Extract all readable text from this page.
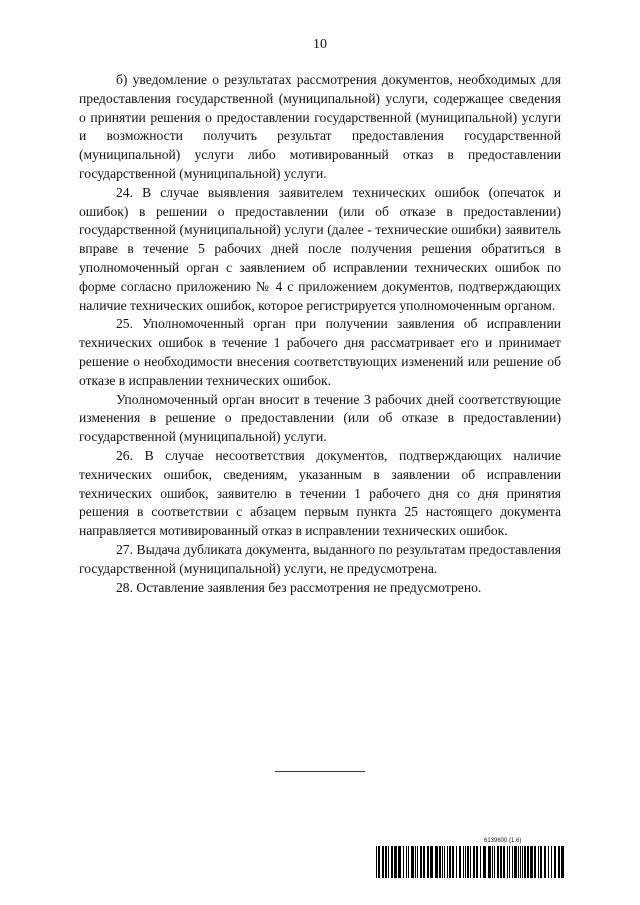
10

б) уведомление о результатах рассмотрения документов, необходимых для предоставления государственной (муниципальной) услуги, содержащее сведения о принятии решения о предоставлении государственной (муниципальной) услуги и возможности получить результат предоставления государственной (муниципальной) услуги либо мотивированный отказ в предоставлении государственной (муниципальной) услуги.

24. В случае выявления заявителем технических ошибок (опечаток и ошибок) в решении о предоставлении (или об отказе в предоставлении) государственной (муниципальной) услуги (далее - технические ошибки) заявитель вправе в течение 5 рабочих дней после получения решения обратиться в уполномоченный орган с заявлением об исправлении технических ошибок по форме согласно приложению № 4 с приложением документов, подтверждающих наличие технических ошибок, которое регистрируется уполномоченным органом.

25. Уполномоченный орган при получении заявления об исправлении технических ошибок в течение 1 рабочего дня рассматривает его и принимает решение о необходимости внесения соответствующих изменений или решение об отказе в исправлении технических ошибок.

Уполномоченный орган вносит в течение 3 рабочих дней соответствующие изменения в решение о предоставлении (или об отказе в предоставлении) государственной (муниципальной) услуги.

26. В случае несоответствия документов, подтверждающих наличие технических ошибок, сведениям, указанным в заявлении об исправлении технических ошибок, заявителю в течении 1 рабочего дня со дня принятия решения в соответствии с абзацем первым пункта 25 настоящего документа направляется мотивированный отказ в исправлении технических ошибок.

27. Выдача дубликата документа, выданного по результатам предоставления государственной (муниципальной) услуги, не предусмотрена.

28. Оставление заявления без рассмотрения не предусмотрено.

6139600 (1.6)
